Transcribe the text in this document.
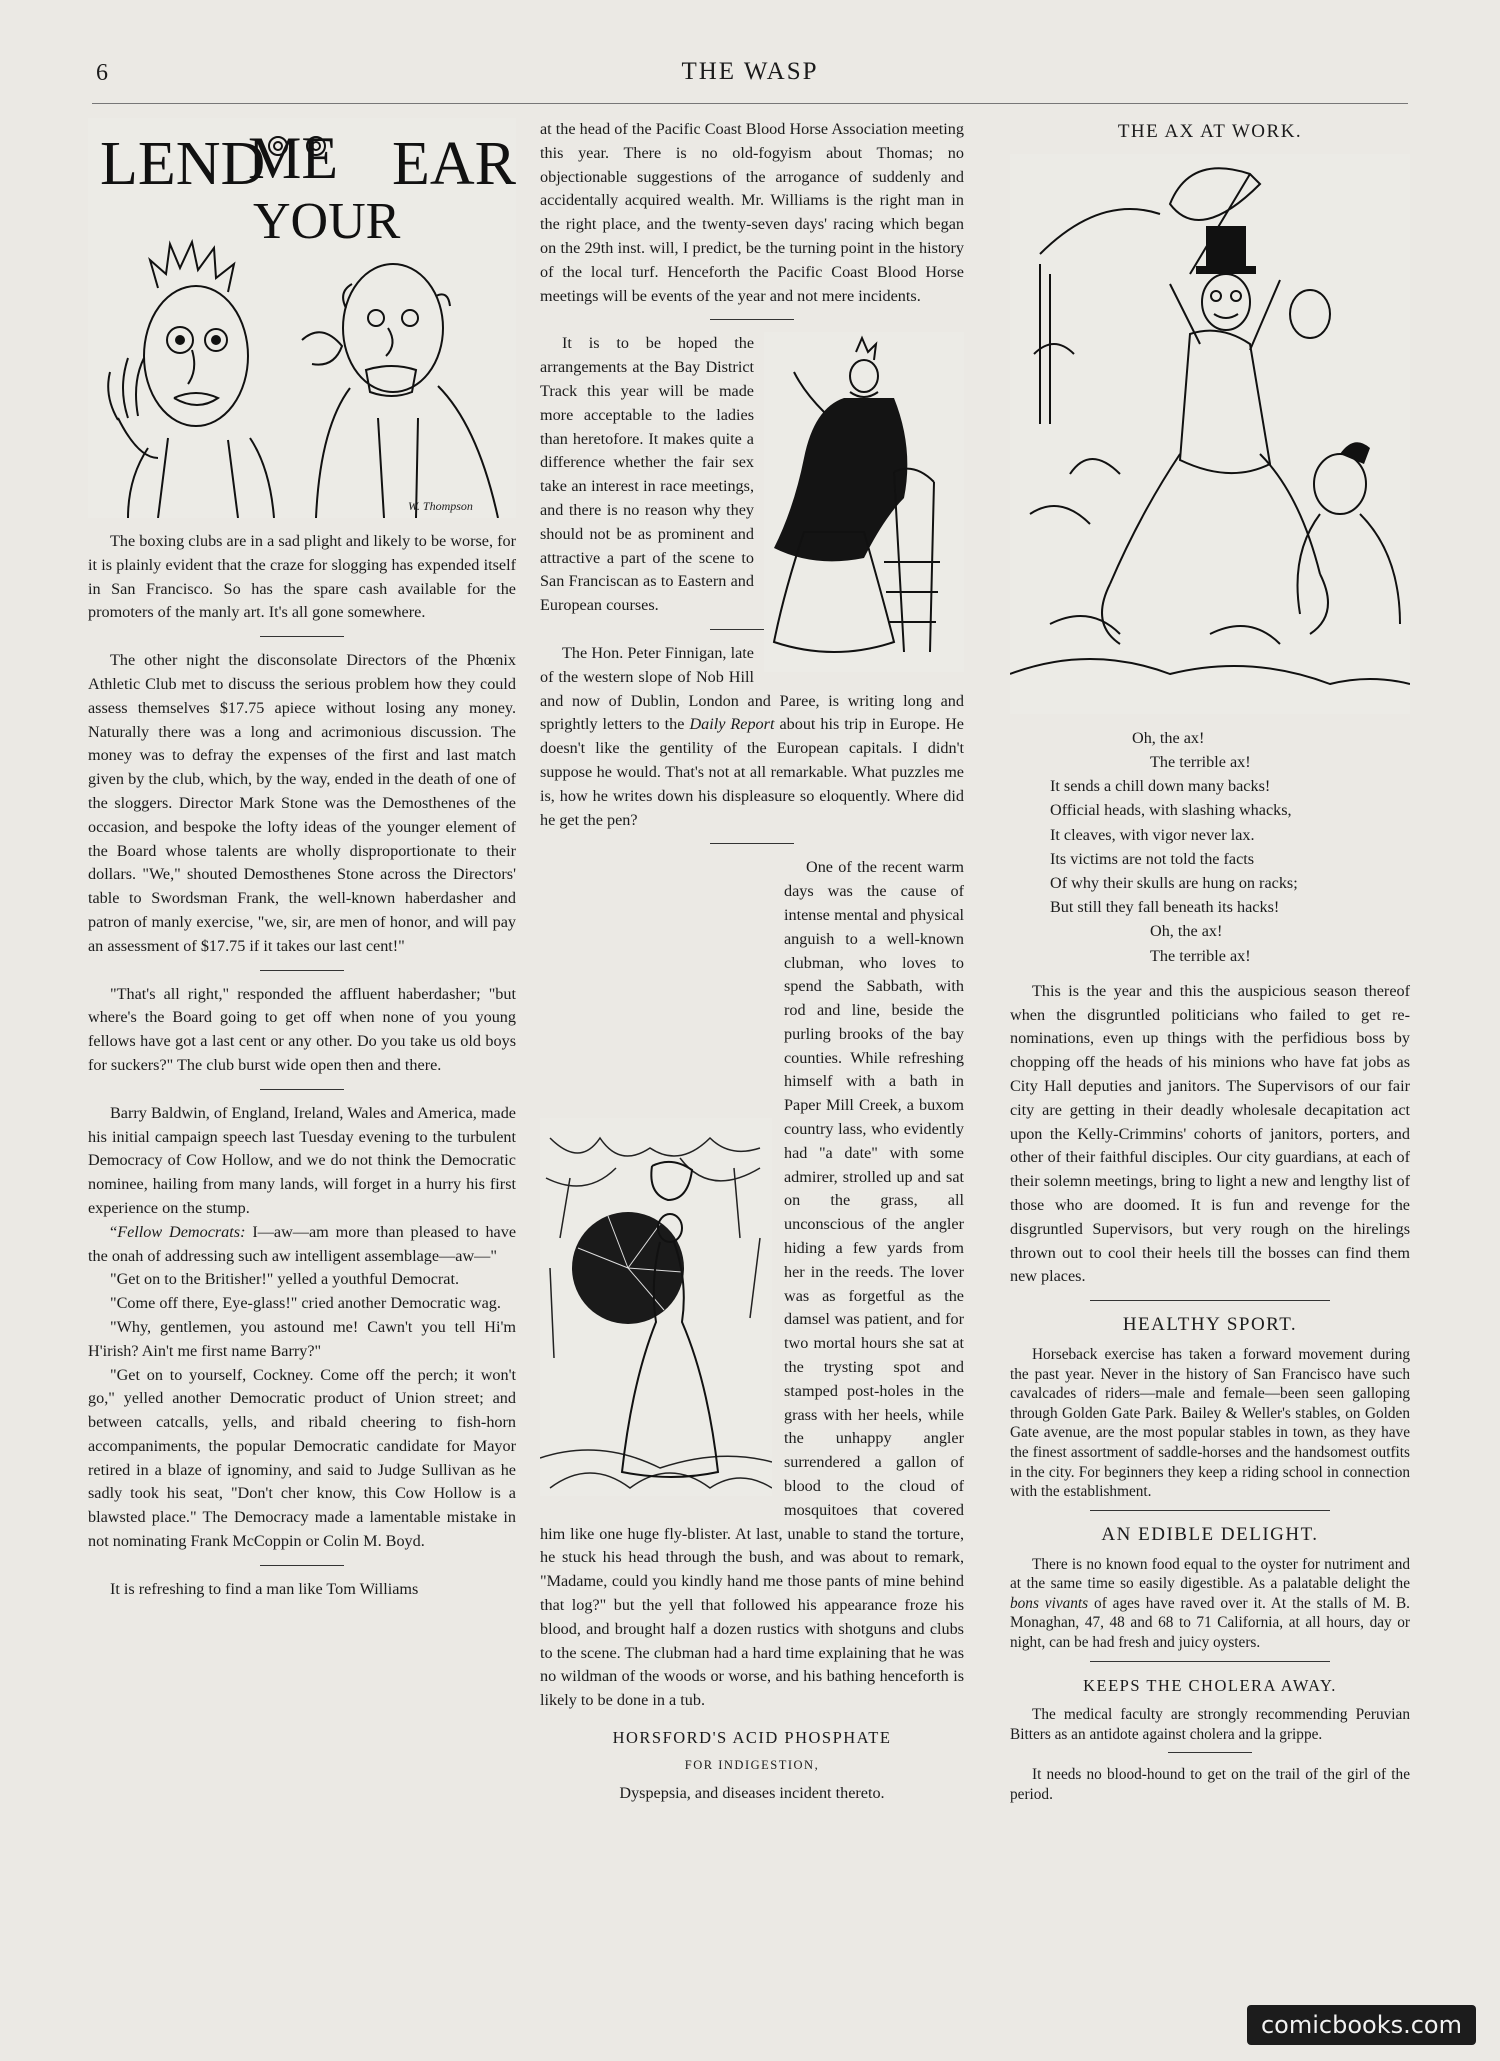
6	THE WASP
LEND
ME
YOUR
EAR
W. Thompson

The boxing clubs are in a sad plight and likely to be worse, for it is plainly evident that the craze for slogging has expended itself in San Francisco. So has the spare cash available for the promoters of the manly art. It's all gone somewhere.

The other night the disconsolate Directors of the Phœnix Athletic Club met to discuss the serious problem how they could assess themselves $17.75 apiece without losing any money. Naturally there was a long and acrimonious discussion. The money was to defray the expenses of the first and last match given by the club, which, by the way, ended in the death of one of the sloggers. Director Mark Stone was the Demosthenes of the occasion, and bespoke the lofty ideas of the younger element of the Board whose talents are wholly disproportionate to their dollars. "We," shouted Demosthenes Stone across the Directors' table to Swordsman Frank, the well-known haberdasher and patron of manly exercise, "we, sir, are men of honor, and will pay an assessment of $17.75 if it takes our last cent!"

"That's all right," responded the affluent haberdasher; "but where's the Board going to get off when none of you young fellows have got a last cent or any other. Do you take us old boys for suckers?" The club burst wide open then and there.

Barry Baldwin, of England, Ireland, Wales and America, made his initial campaign speech last Tuesday evening to the turbulent Democracy of Cow Hollow, and we do not think the Democratic nominee, hailing from many lands, will forget in a hurry his first experience on the stump.

“Fellow Democrats: I—aw—am more than pleased to have the onah of addressing such aw intelligent assemblage—aw—"

"Get on to the Britisher!" yelled a youthful Democrat.

"Come off there, Eye-glass!" cried another Democratic wag.

"Why, gentlemen, you astound me! Cawn't you tell Hi'm H'irish? Ain't me first name Barry?"

"Get on to yourself, Cockney. Come off the perch; it won't go," yelled another Democratic product of Union street; and between catcalls, yells, and ribald cheering to fish-horn accompaniments, the popular Democratic candidate for Mayor retired in a blaze of ignominy, and said to Judge Sullivan as he sadly took his seat, "Don't cher know, this Cow Hollow is a blawsted place." The Democracy made a lamentable mistake in not nominating Frank McCoppin or Colin M. Boyd.

It is refreshing to find a man like Tom Williams

at the head of the Pacific Coast Blood Horse Association meeting this year. There is no old-fogyism about Thomas; no objectionable suggestions of the arrogance of suddenly and accidentally acquired wealth. Mr. Williams is the right man in the right place, and the twenty-seven days' racing which began on the 29th inst. will, I predict, be the turning point in the history of the local turf. Henceforth the Pacific Coast Blood Horse meetings will be events of the year and not mere incidents.

It is to be hoped the arrangements at the Bay District Track this year will be made more acceptable to the ladies than heretofore. It makes quite a difference whether the fair sex take an interest in race meetings, and there is no reason why they should not be as prominent and attractive a part of the scene to San Franciscan as to Eastern and European courses.

The Hon. Peter Finnigan, late of the western slope of Nob Hill and now of Dublin, London and Paree, is writing long and sprightly letters to the Daily Report about his trip in Europe. He doesn't like the gentility of the European capitals. I didn't suppose he would. That's not at all remarkable. What puzzles me is, how he writes down his displeasure so eloquently. Where did he get the pen?

One of the recent warm days was the cause of intense mental and physical anguish to a well-known clubman, who loves to spend the Sabbath, with rod and line, beside the purling brooks of the bay counties. While refreshing himself with a bath in Paper Mill Creek, a buxom country lass, who evidently had "a date" with some admirer, strolled up and sat on the grass, all unconscious of the angler hiding a few yards from her in the reeds. The lover was as forgetful as the damsel was patient, and for two mortal hours she sat at the trysting spot and stamped post-holes in the grass with her heels, while the unhappy angler surrendered a gallon of blood to the cloud of mosquitoes that covered him like one huge fly-blister. At last, unable to stand the torture, he stuck his head through the bush, and was about to remark, "Madame, could you kindly hand me those pants of mine behind that log?" but the yell that followed his appearance froze his blood, and brought half a dozen rustics with shotguns and clubs to the scene. The clubman had a hard time explaining that he was no wildman of the woods or worse, and his bathing henceforth is likely to be done in a tub.

HORSFORD'S ACID PHOSPHATE
FOR INDIGESTION,

Dyspepsia, and diseases incident thereto.

THE AX AT WORK.
Oh, the ax!
The terrible ax!
It sends a chill down many backs!
Official heads, with slashing whacks,
It cleaves, with vigor never lax.
Its victims are not told the facts
Of why their skulls are hung on racks;
But still they fall beneath its hacks!
Oh, the ax!
The terrible ax!

This is the year and this the auspicious season thereof when the disgruntled politicians who failed to get re-nominations, even up things with the perfidious boss by chopping off the heads of his minions who have fat jobs as City Hall deputies and janitors. The Supervisors of our fair city are getting in their deadly wholesale decapitation act upon the Kelly-Crimmins' cohorts of janitors, porters, and other of their faithful disciples. Our city guardians, at each of their solemn meetings, bring to light a new and lengthy list of those who are doomed. It is fun and revenge for the disgruntled Supervisors, but very rough on the hirelings thrown out to cool their heels till the bosses can find them new places.

HEALTHY SPORT.

Horseback exercise has taken a forward movement during the past year. Never in the history of San Francisco have such cavalcades of riders—male and female—been seen galloping through Golden Gate Park. Bailey & Weller's stables, on Golden Gate avenue, are the most popular stables in town, as they have the finest assortment of saddle-horses and the handsomest outfits in the city. For beginners they keep a riding school in connection with the establishment.

AN EDIBLE DELIGHT.

There is no known food equal to the oyster for nutriment and at the same time so easily digestible. As a palatable delight the bons vivants of ages have raved over it. At the stalls of M. B. Monaghan, 47, 48 and 68 to 71 California, at all hours, day or night, can be had fresh and juicy oysters.

KEEPS THE CHOLERA AWAY.

The medical faculty are strongly recommending Peruvian Bitters as an antidote against cholera and la grippe.

It needs no blood-hound to get on the trail of the girl of the period.

comicbooks.com
